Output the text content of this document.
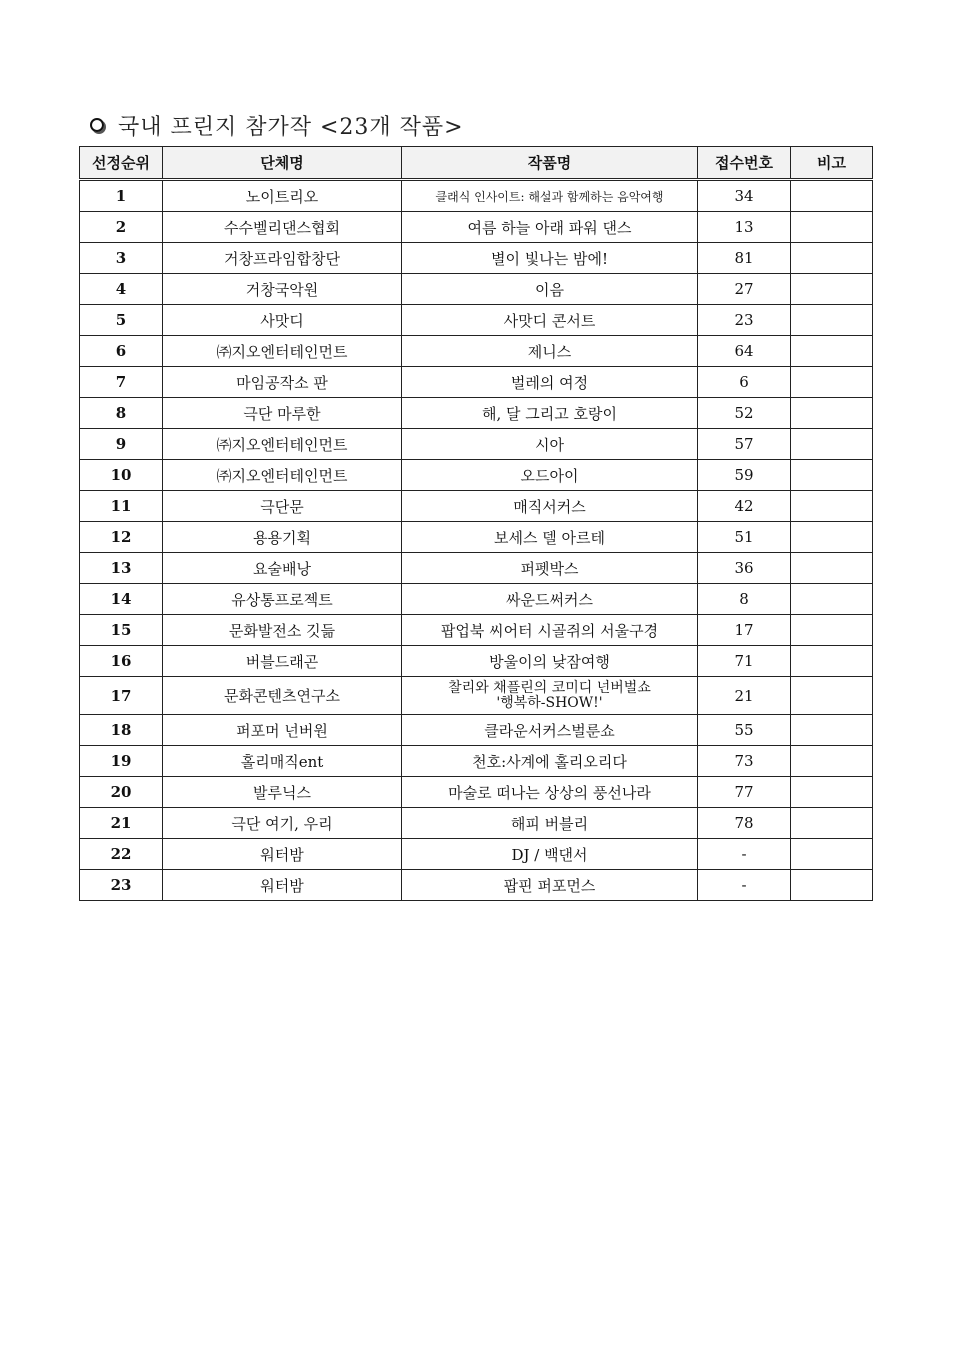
국내 프린지 참가작 <23개 작품>
선정순위	단체명	작품명	접수번호	비고
1	노이트리오	클래식 인사이트: 해설과 함께하는 음악여행	34	
2	수수벨리댄스협회	여름 하늘 아래 파워 댄스	13	
3	거창프라임합창단	별이 빛나는 밤에!	81	
4	거창국악원	이음	27	
5	사맛디	사맛디 콘서트	23	
6	㈜지오엔터테인먼트	제니스	64	
7	마임공작소 판	벌레의 여정	6	
8	극단 마루한	해, 달 그리고 호랑이	52	
9	㈜지오엔터테인먼트	시아	57	
10	㈜지오엔터테인먼트	오드아이	59	
11	극단문	매직서커스	42	
12	용용기획	보세스 델 아르테	51	
13	요술배낭	퍼펫박스	36	
14	유상통프로젝트	싸운드써커스	8	
15	문화발전소 깃듦	팝업북 씨어터 시골쥐의 서울구경	17	
16	버블드래곤	방울이의 낮잠여행	71	
17	문화콘텐츠연구소	찰리와 채플린의 코미디 넌버벌쇼
'행복하-SHOW!'	21	
18	퍼포머 넌버원	클라운서커스벌룬쇼	55	
19	홀리매직ent	천호:사계에 홀리오리다	73	
20	발루닉스	마술로 떠나는 상상의 풍선나라	77	
21	극단 여기, 우리	해피 버블리	78	
22	워터밤	DJ / 백댄서	-	
23	워터밤	팝핀 퍼포먼스	-	
